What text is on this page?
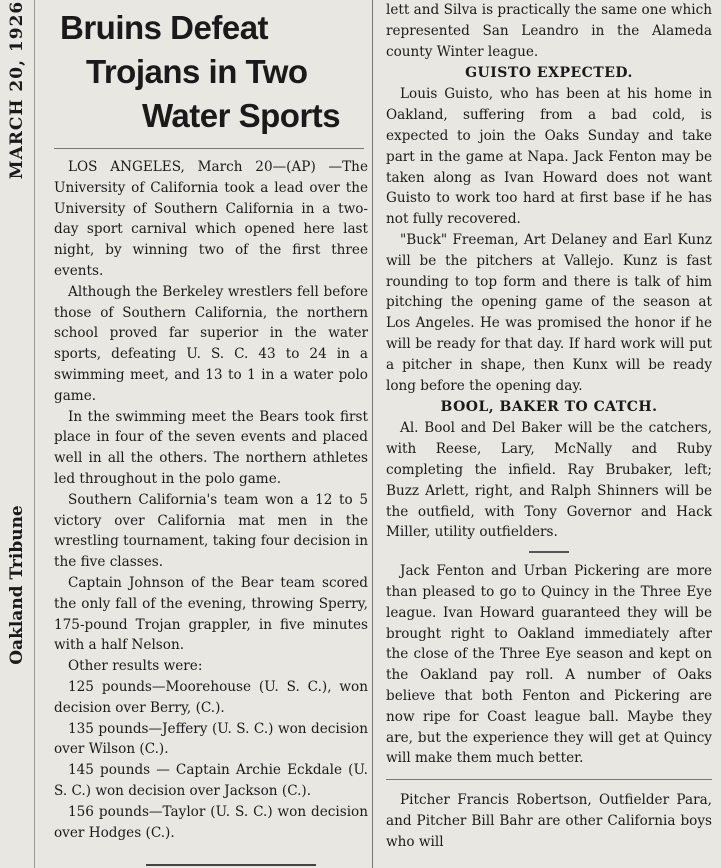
MARCH 20, 1926
Oakland Tribune
Bruins Defeat
Trojans in Two
Water Sports

LOS ANGELES, March 20—(AP) —The University of California took a lead over the University of Southern California in a two-day sport carnival which opened here last night, by winning two of the first three events.

Although the Berkeley wrestlers fell before those of Southern California, the northern school proved far superior in the water sports, defeating U. S. C. 43 to 24 in a swimming meet, and 13 to 1 in a water polo game.

In the swimming meet the Bears took first place in four of the seven events and placed well in all the others. The northern athletes led throughout in the polo game.

Southern California's team won a 12 to 5 victory over California mat men in the wrestling tournament, taking four decision in the five classes.

Captain Johnson of the Bear team scored the only fall of the evening, throwing Sperry, 175-pound Trojan grappler, in five minutes with a half Nelson.

Other results were:

125 pounds—Moorehouse (U. S. C.), won decision over Berry, (C.).

135 pounds—Jeffery (U. S. C.) won decision over Wilson (C.).

145 pounds — Captain Archie Eckdale (U. S. C.) won decision over Jackson (C.).

156 pounds—Taylor (U. S. C.) won decision over Hodges (C.).

lett and Silva is practically the same one which represented San Leandro in the Alameda county Winter league.

GUISTO EXPECTED.

Louis Guisto, who has been at his home in Oakland, suffering from a bad cold, is expected to join the Oaks Sunday and take part in the game at Napa. Jack Fenton may be taken along as Ivan Howard does not want Guisto to work too hard at first base if he has not fully recovered.

"Buck" Freeman, Art Delaney and Earl Kunz will be the pitchers at Vallejo. Kunz is fast rounding to top form and there is talk of him pitching the opening game of the season at Los Angeles. He was promised the honor if he will be ready for that day. If hard work will put a pitcher in shape, then Kunx will be ready long before the opening day.

BOOL, BAKER TO CATCH.

Al. Bool and Del Baker will be the catchers, with Reese, Lary, McNally and Ruby completing the infield. Ray Brubaker, left; Buzz Arlett, right, and Ralph Shinners will be the outfield, with Tony Governor and Hack Miller, utility outfielders.

Jack Fenton and Urban Pickering are more than pleased to go to Quincy in the Three Eye league. Ivan Howard guaranteed they will be brought right to Oakland immediately after the close of the Three Eye season and kept on the Oakland pay roll. A number of Oaks believe that both Fenton and Pickering are now ripe for Coast league ball. Maybe they are, but the experience they will get at Quincy will make them much better.

Pitcher Francis Robertson, Outfielder Para, and Pitcher Bill Bahr are other California boys who will
